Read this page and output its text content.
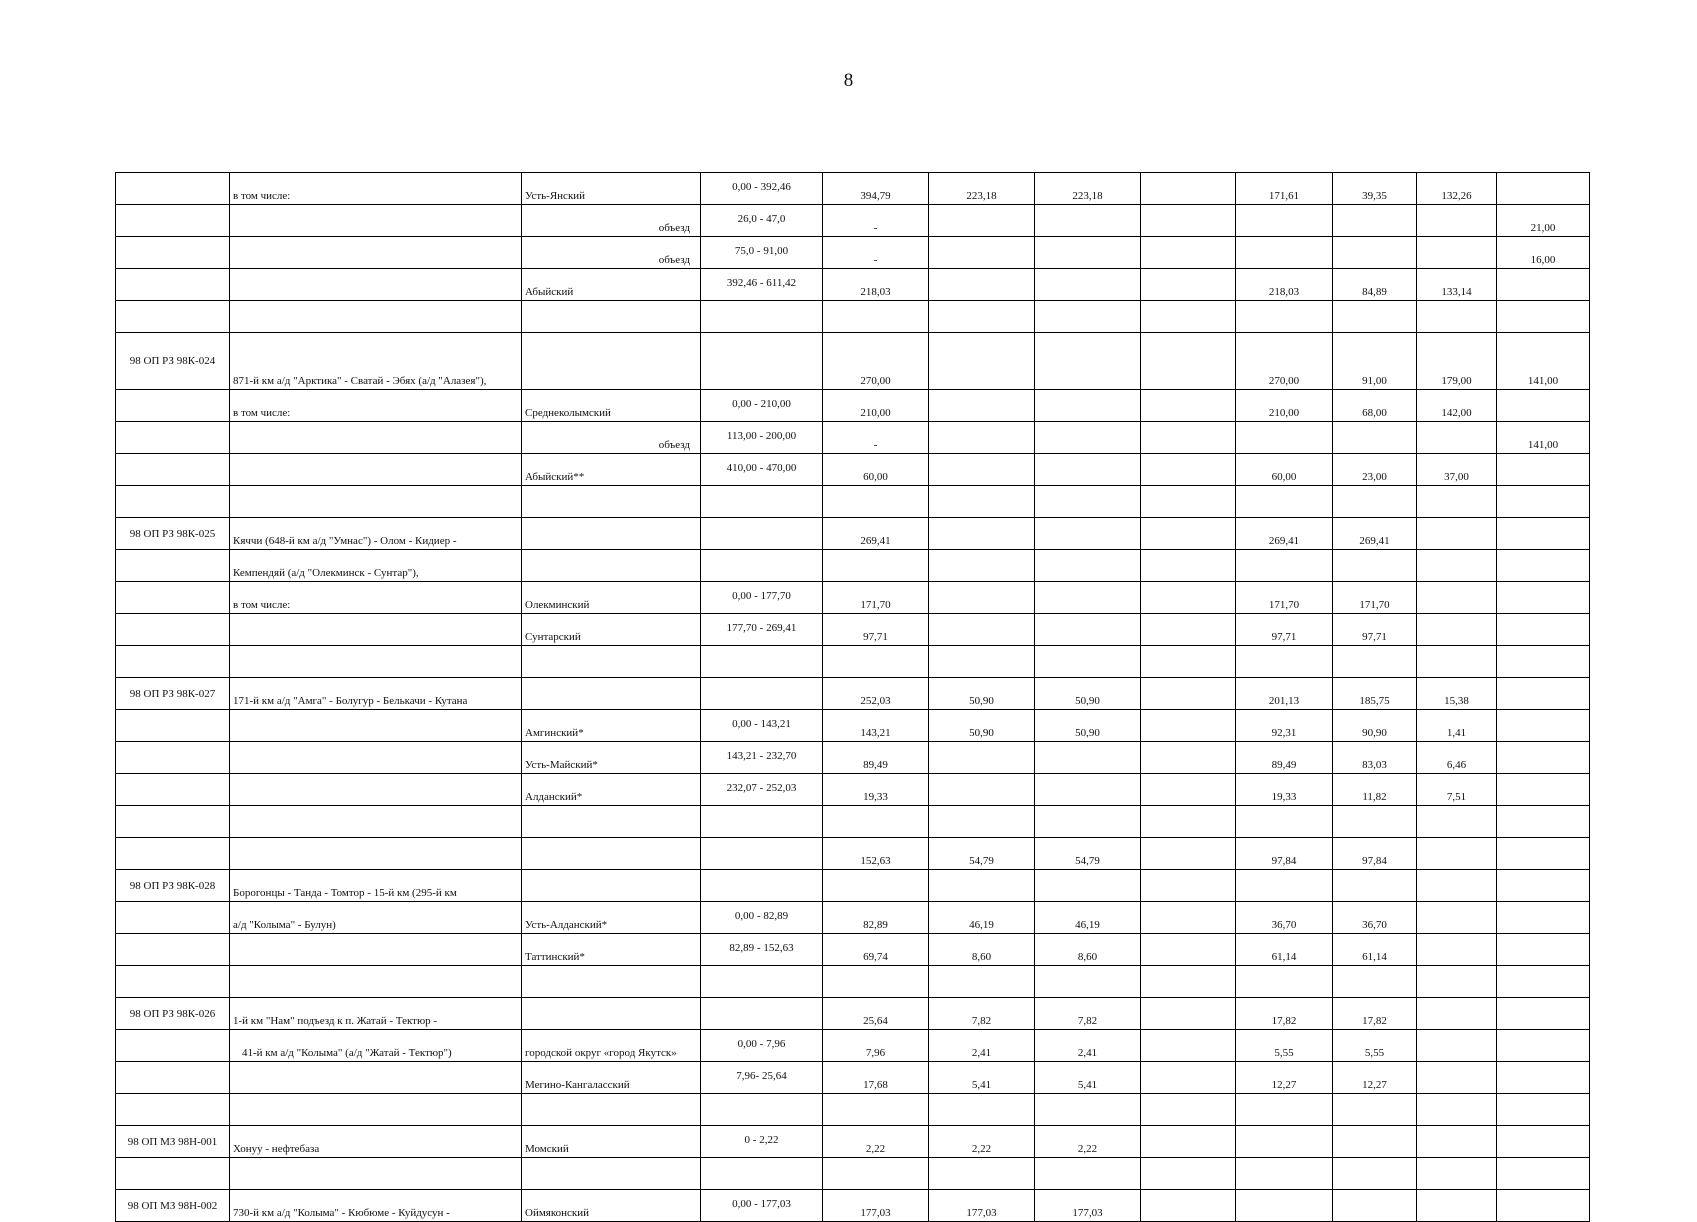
8
	в том числе:	Усть-Янский	0,00 - 392,46	394,79	223,18	223,18		171,61	39,35	132,26	
		объезд	26,0 - 47,0	-							21,00
		объезд	75,0 - 91,00	-							16,00
		Абыйский	392,46 - 611,42	218,03				218,03	84,89	133,14	

98 ОП РЗ 98К-024	871-й км а/д "Арктика" - Сватай - Эбях (а/д "Алазея"),			270,00				270,00	91,00	179,00	141,00
	в том числе:	Среднеколымский	0,00 - 210,00	210,00				210,00	68,00	142,00	
		объезд	113,00 - 200,00	-							141,00
		Абыйский**	410,00 - 470,00	60,00				60,00	23,00	37,00	

98 ОП РЗ 98К-025	Кяччи (648-й км а/д "Умнас") - Олом - Кидиер -			269,41				269,41	269,41		
	Кемпендяй (а/д "Олекминск - Сунтар"),										
	в том числе:	Олекминский	0,00 - 177,70	171,70				171,70	171,70		
		Сунтарский	177,70 - 269,41	97,71				97,71	97,71		

98 ОП РЗ 98К-027	171-й км а/д "Амга" - Болугур - Белькачи - Кутана			252,03	50,90	50,90		201,13	185,75	15,38	
		Амгинский*	0,00 - 143,21	143,21	50,90	50,90		92,31	90,90	1,41	
		Усть-Майский*	143,21 - 232,70	89,49				89,49	83,03	6,46	
		Алданский*	232,07 - 252,03	19,33				19,33	11,82	7,51	

				152,63	54,79	54,79		97,84	97,84		
98 ОП РЗ 98К-028	Борогонцы - Танда - Томтор - 15-й км (295-й км										
	а/д "Колыма" - Булун)	Усть-Алданский*	0,00 - 82,89	82,89	46,19	46,19		36,70	36,70		
		Таттинский*	82,89 - 152,63	69,74	8,60	8,60		61,14	61,14		

98 ОП РЗ 98К-026	1-й км "Нам" подъезд к п. Жатай - Тектюр -			25,64	7,82	7,82		17,82	17,82		
	41-й км а/д "Колыма" (а/д "Жатай - Тектюр")	городской округ «город Якутск»	0,00 - 7,96	7,96	2,41	2,41		5,55	5,55		
		Мегино-Кангаласский	7,96- 25,64	17,68	5,41	5,41		12,27	12,27		

98 ОП МЗ 98Н-001	Хонуу - нефтебаза	Момский	0 - 2,22	2,22	2,22	2,22					

98 ОП МЗ 98Н-002	730-й км а/д "Колыма" - Кюбюме - Куйдусун -	Оймяконский	0,00 - 177,03	177,03	177,03	177,03					
